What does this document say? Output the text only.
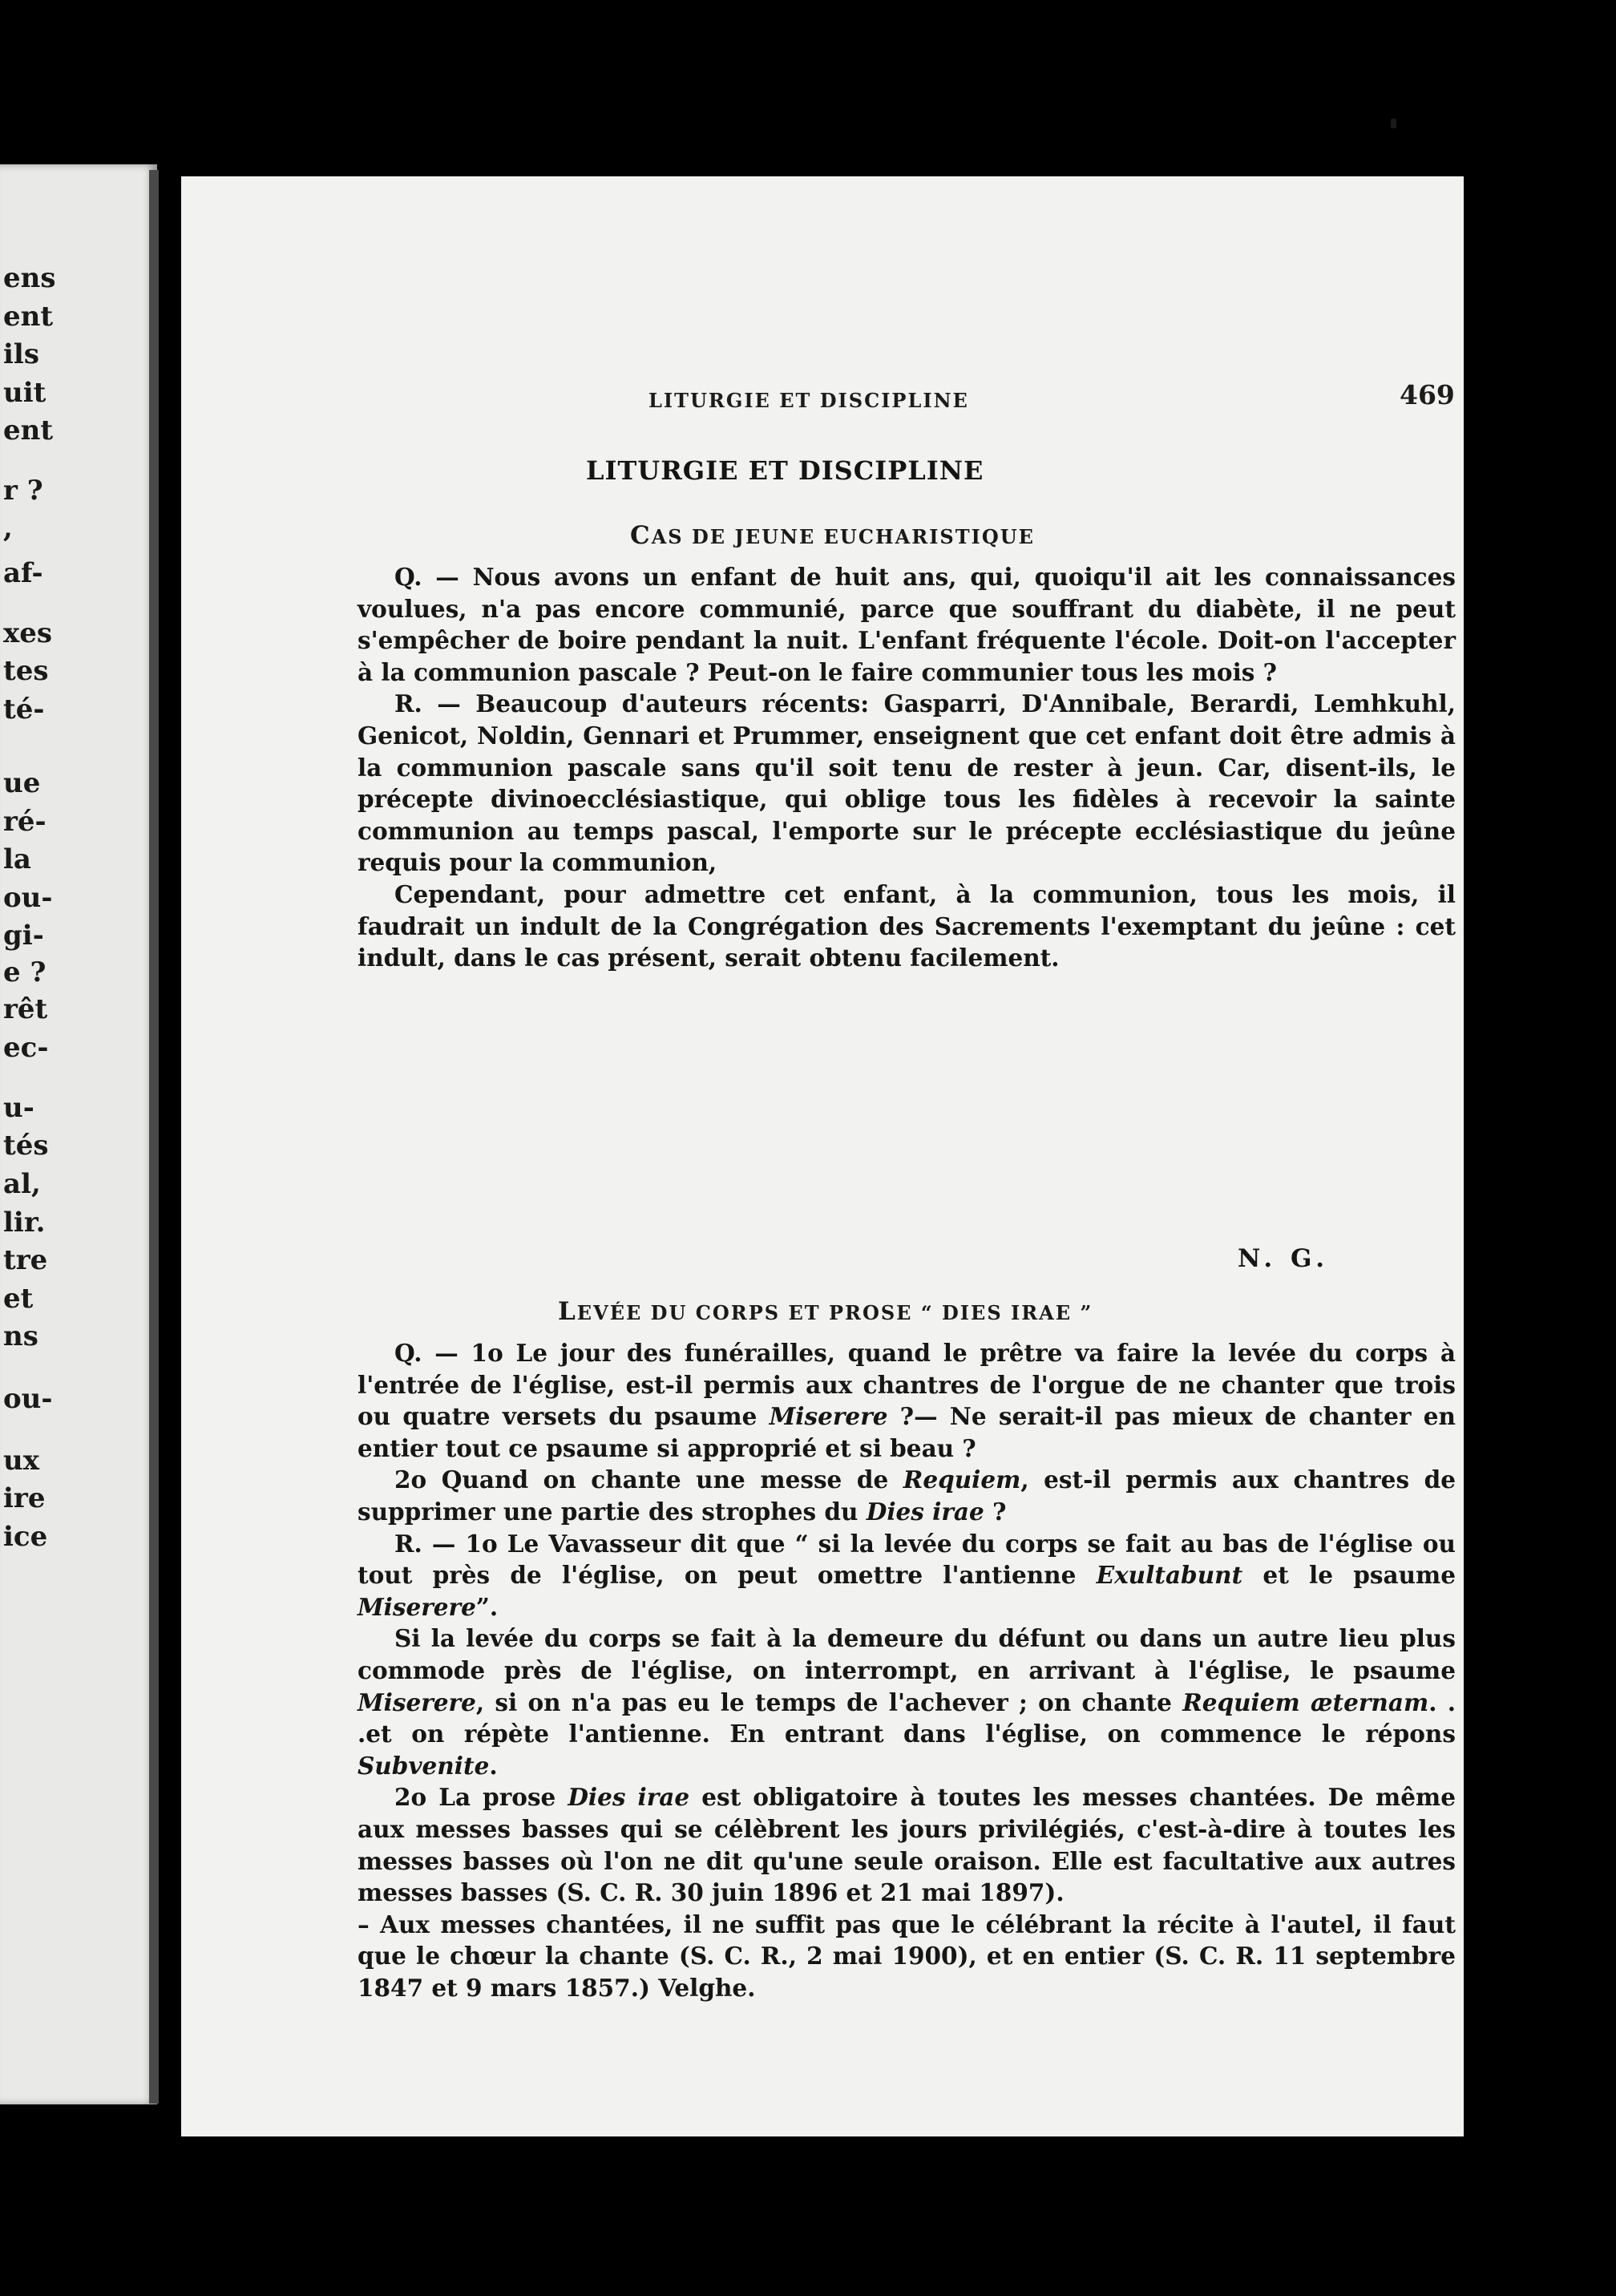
ens
ent
ils
uit
ent
r ?
,
af-
xes
tes
té-
ue
ré-
la
ou-
gi-
e ?
rêt
ec-
u-
tés
al,
lir.
tre
et
ns
ou-
ux
ire
ice
LITURGIE ET DISCIPLINE	469
LITURGIE ET DISCIPLINE
CAS DE JEUNE EUCHARISTIQUE

Q. — Nous avons un enfant de huit ans, qui, quoiqu'il ait les connaissances voulues, n'a pas encore communié, parce que souffrant du diabète, il ne peut s'empêcher de boire pendant la nuit. L'enfant fréquente l'école. Doit-on l'accepter à la communion pascale ? Peut-on le faire communier tous les mois ?

R. — Beaucoup d'auteurs récents: Gasparri, D'Annibale, Berardi, Lemhkuhl, Genicot, Noldin, Gennari et Prummer, enseignent que cet enfant doit être admis à la communion pascale sans qu'il soit tenu de rester à jeun. Car, disent-ils, le précepte divinoecclésiastique, qui oblige tous les fidèles à recevoir la sainte communion au temps pascal, l'emporte sur le précepte ecclésiastique du jeûne requis pour la communion,

Cependant, pour admettre cet enfant, à la communion, tous les mois, il faudrait un indult de la Congrégation des Sacrements l'exemptant du jeûne : cet indult, dans le cas présent, serait obtenu facilement.

N. G.
LEVÉE DU CORPS ET PROSE “ DIES IRAE ”

Q. — 1o Le jour des funérailles, quand le prêtre va faire la levée du corps à l'entrée de l'église, est-il permis aux chantres de l'orgue de ne chanter que trois ou quatre versets du psaume Miserere ?— Ne serait-il pas mieux de chanter en entier tout ce psaume si approprié et si beau ?

2o Quand on chante une messe de Requiem, est-il permis aux chantres de supprimer une partie des strophes du Dies irae ?

R. — 1o Le Vavasseur dit que “ si la levée du corps se fait au bas de l'église ou tout près de l'église, on peut omettre l'antienne Exultabunt et le psaume Miserere”.

Si la levée du corps se fait à la demeure du défunt ou dans un autre lieu plus commode près de l'église, on interrompt, en arrivant à l'église, le psaume Miserere, si on n'a pas eu le temps de l'achever ; on chante Requiem æternam. . .et on répète l'antienne. En entrant dans l'église, on commence le répons Subvenite.

2o La prose Dies irae est obligatoire à toutes les messes chantées. De même aux messes basses qui se célèbrent les jours privilégiés, c'est-à-dire à toutes les messes basses où l'on ne dit qu'une seule oraison. Elle est facultative aux autres messes basses (S. C. R. 30 juin 1896 et 21 mai 1897).

– Aux messes chantées, il ne suffit pas que le célébrant la récite à l'autel, il faut que le chœur la chante (S. C. R., 2 mai 1900), et en entier (S. C. R. 11 septembre 1847 et 9 mars 1857.) Velghe.
